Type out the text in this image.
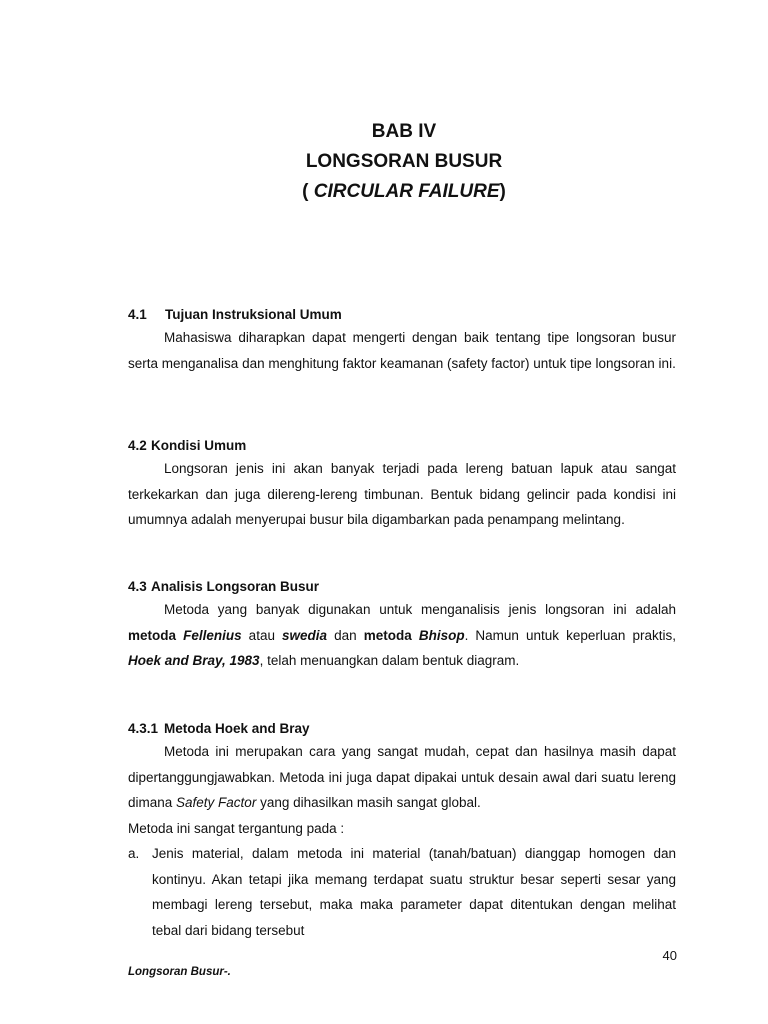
BAB IV
LONGSORAN BUSUR
( CIRCULAR FAILURE)
4.1 Tujuan Instruksional Umum
Mahasiswa diharapkan dapat mengerti dengan baik tentang tipe longsoran busur serta menganalisa dan menghitung faktor keamanan (safety factor) untuk tipe longsoran ini.
4.2 Kondisi Umum
Longsoran jenis ini akan banyak terjadi pada lereng batuan lapuk atau sangat terkekarkan dan juga dilereng-lereng timbunan. Bentuk bidang gelincir pada kondisi ini umumnya adalah menyerupai busur bila digambarkan pada penampang melintang.
4.3 Analisis Longsoran Busur
Metoda yang banyak digunakan untuk menganalisis jenis longsoran ini adalah metoda Fellenius atau swedia dan metoda Bhisop. Namun untuk keperluan praktis, Hoek and Bray, 1983, telah menuangkan dalam bentuk diagram.
4.3.1 Metoda Hoek and Bray
Metoda ini merupakan cara yang sangat mudah, cepat dan hasilnya masih dapat dipertanggungjawabkan. Metoda ini juga dapat dipakai untuk desain awal dari suatu lereng dimana Safety Factor yang dihasilkan masih sangat global.
Metoda ini sangat tergantung pada :
a. Jenis material, dalam metoda ini material (tanah/batuan) dianggap homogen dan kontinyu. Akan tetapi jika memang terdapat suatu struktur besar seperti sesar yang membagi lereng tersebut, maka maka parameter dapat ditentukan dengan melihat tebal dari bidang tersebut
40
Longsoran Busur-.
